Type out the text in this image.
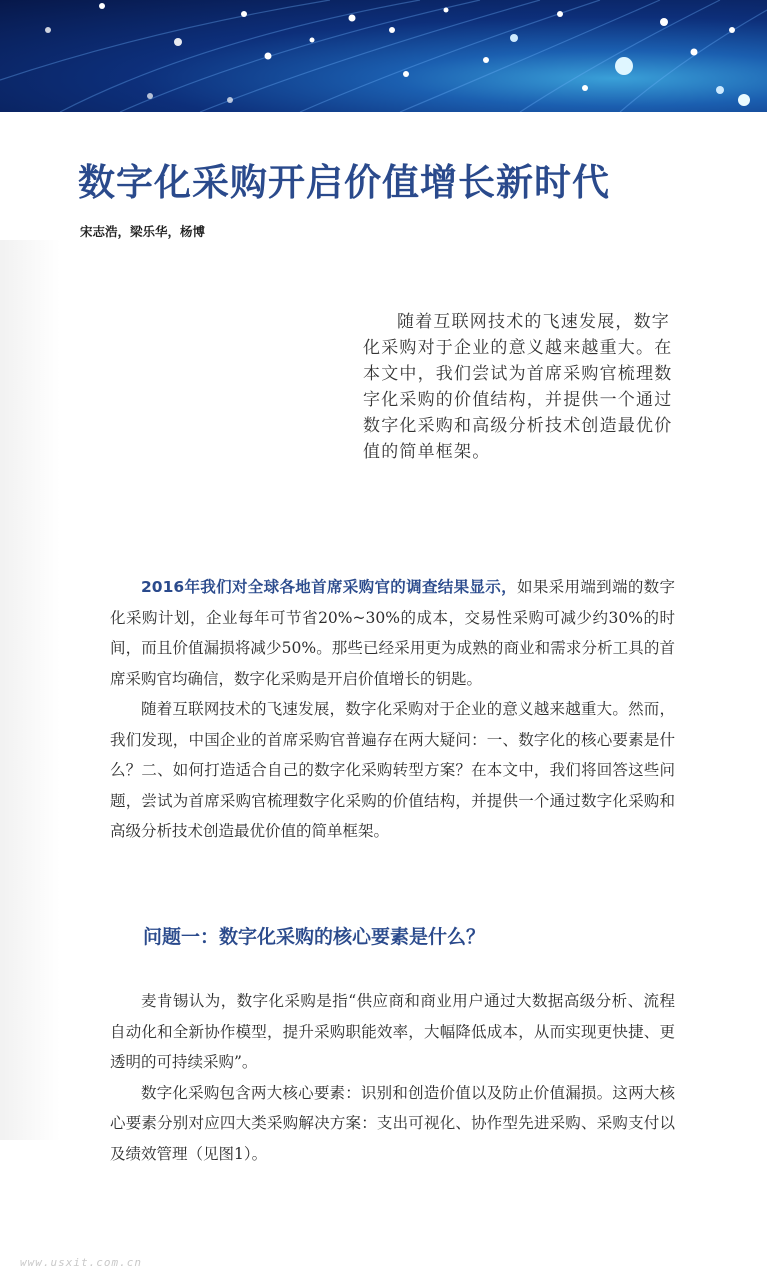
数字化采购开启价值增长新时代
宋志浩，梁乐华，杨博

随着互联网技术的飞速发展，数字化采购对于企业的意义越来越重大。在本文中，我们尝试为首席采购官梳理数字化采购的价值结构，并提供一个通过数字化采购和高级分析技术创造最优价值的简单框架。

2016年我们对全球各地首席采购官的调查结果显示，如果采用端到端的数字化采购计划，企业每年可节省20%~30%的成本，交易性采购可减少约30%的时间，而且价值漏损将减少50%。那些已经采用更为成熟的商业和需求分析工具的首席采购官均确信，数字化采购是开启价值增长的钥匙。

随着互联网技术的飞速发展，数字化采购对于企业的意义越来越重大。然而，我们发现，中国企业的首席采购官普遍存在两大疑问：一、数字化的核心要素是什么？二、如何打造适合自己的数字化采购转型方案？在本文中，我们将回答这些问题，尝试为首席采购官梳理数字化采购的价值结构，并提供一个通过数字化采购和高级分析技术创造最优价值的简单框架。

问题一：数字化采购的核心要素是什么？

麦肯锡认为，数字化采购是指“供应商和商业用户通过大数据高级分析、流程自动化和全新协作模型，提升采购职能效率，大幅降低成本，从而实现更快捷、更透明的可持续采购”。

数字化采购包含两大核心要素：识别和创造价值以及防止价值漏损。这两大核心要素分别对应四大类采购解决方案：支出可视化、协作型先进采购、采购支付以及绩效管理（见图1）。

www.usxit.com.cn
